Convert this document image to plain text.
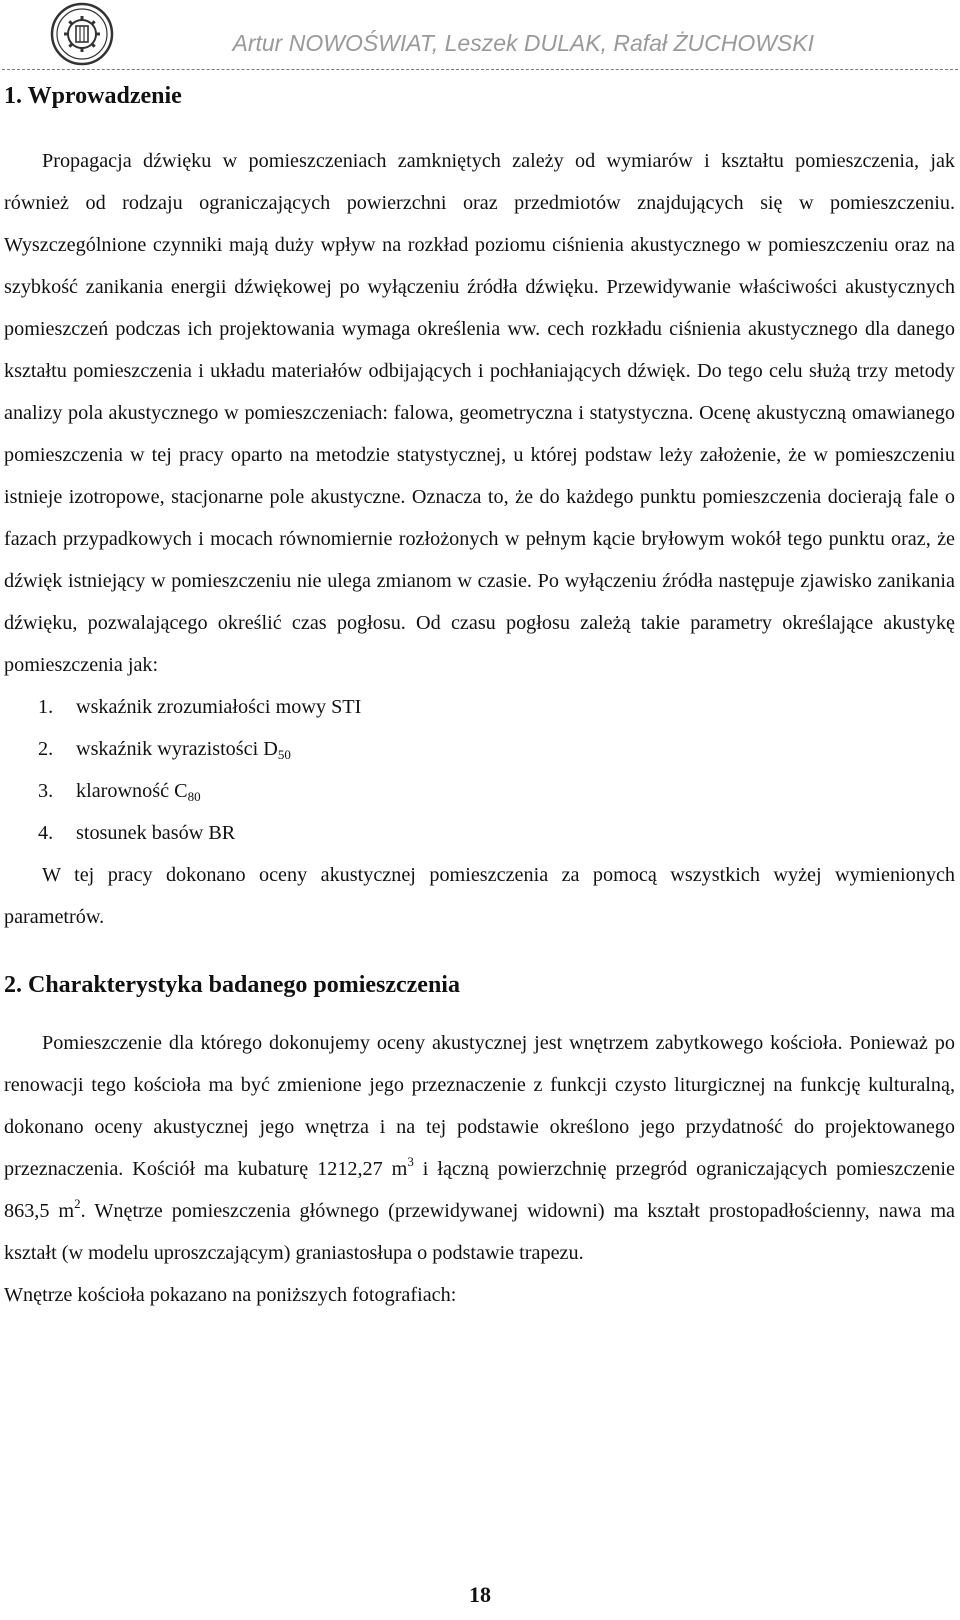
Artur NOWOŚWIAT, Leszek DULAK, Rafał ŻUCHOWSKI
1. Wprowadzenie

Propagacja dźwięku w pomieszczeniach zamkniętych zależy od wymiarów i kształtu pomieszczenia, jak również od rodzaju ograniczających powierzchni oraz przedmiotów znajdujących się w pomieszczeniu. Wyszczególnione czynniki mają duży wpływ na rozkład poziomu ciśnienia akustycznego w pomieszczeniu oraz na szybkość zanikania energii dźwiękowej po wyłączeniu źródła dźwięku. Przewidywanie właściwości akustycznych pomieszczeń podczas ich projektowania wymaga określenia ww. cech rozkładu ciśnienia akustycznego dla danego kształtu pomieszczenia i układu materiałów odbijających i pochłaniających dźwięk. Do tego celu służą trzy metody analizy pola akustycznego w pomieszczeniach: falowa, geometryczna i statystyczna. Ocenę akustyczną omawianego pomieszczenia w tej pracy oparto na metodzie statystycznej, u której podstaw leży założenie, że w pomieszczeniu istnieje izotropowe, stacjonarne pole akustyczne. Oznacza to, że do każdego punktu pomieszczenia docierają fale o fazach przypadkowych i mocach równomiernie rozłożonych w pełnym kącie bryłowym wokół tego punktu oraz, że dźwięk istniejący w pomieszczeniu nie ulega zmianom w czasie. Po wyłączeniu źródła następuje zjawisko zanikania dźwięku, pozwalającego określić czas pogłosu. Od czasu pogłosu zależą takie parametry określające akustykę pomieszczenia jak:

1. wskaźnik zrozumiałości mowy STI
2. wskaźnik wyrazistości $D_{50}$
3. klarowność $C_{80}$
4. stosunek basów BR

W tej pracy dokonano oceny akustycznej pomieszczenia za pomocą wszystkich wyżej wymienionych parametrów.

2. Charakterystyka badanego pomieszczenia

Pomieszczenie dla którego dokonujemy oceny akustycznej jest wnętrzem zabytkowego kościoła. Ponieważ po renowacji tego kościoła ma być zmienione jego przeznaczenie z funkcji czysto liturgicznej na funkcję kulturalną, dokonano oceny akustycznej jego wnętrza i na tej podstawie określono jego przydatność do projektowanego przeznaczenia. Kościół ma kubaturę 1212,27 $m^3$ i łączną powierzchnię przegród ograniczających pomieszczenie 863,5 $m^2$. Wnętrze pomieszczenia głównego (przewidywanej widowni) ma kształt prostopadłościenny, nawa ma kształt (w modelu uproszczającym) graniastosłupa o podstawie trapezu.

Wnętrze kościoła pokazano na poniższych fotografiach:

18
